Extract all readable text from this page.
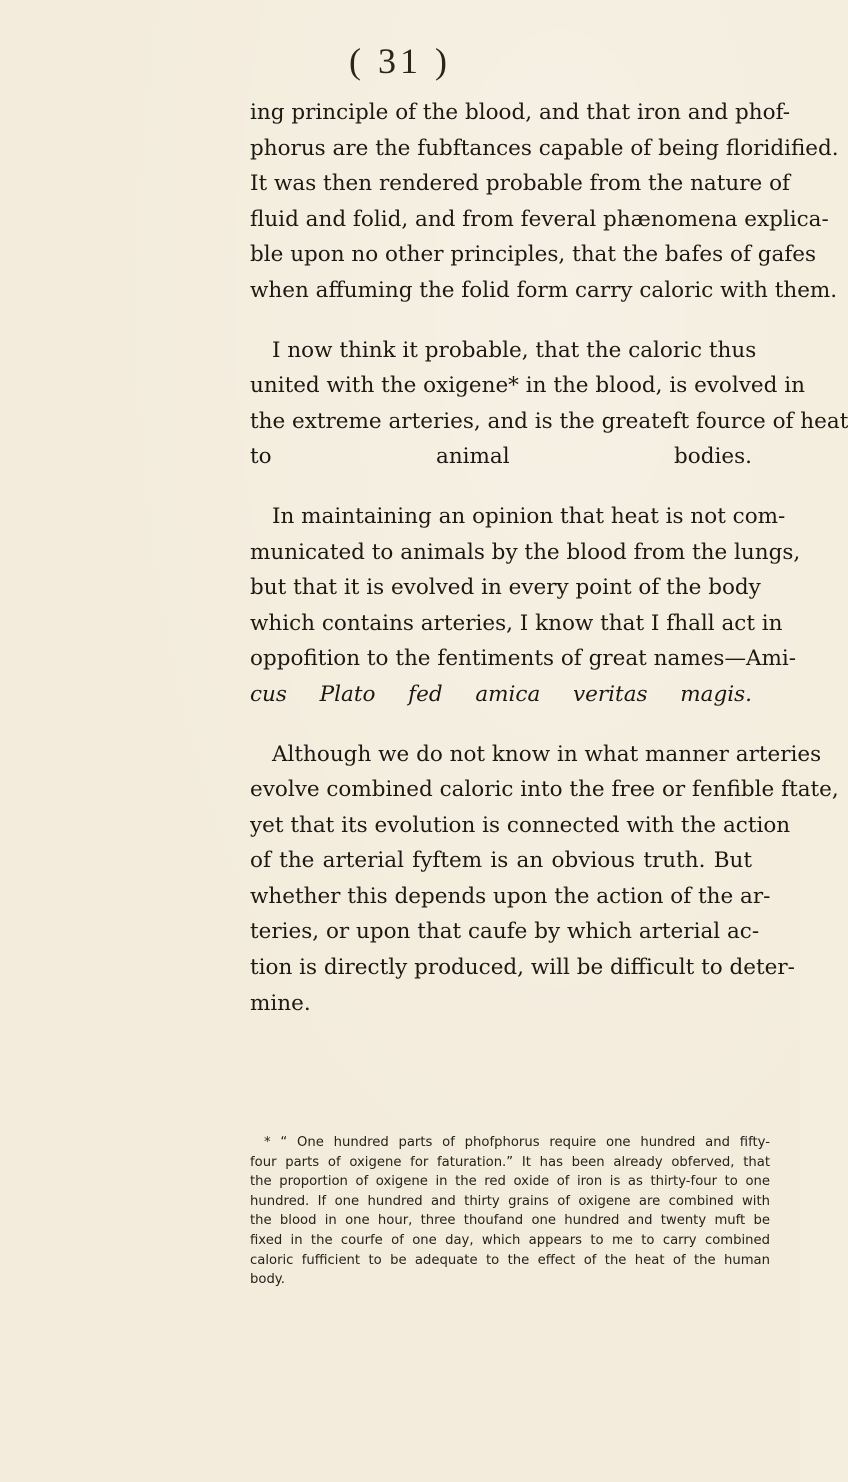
( 31 )
ing principle of the blood, and that iron and phof-
phorus are the fubftances capable of being floridified.
It was then rendered probable from the nature of
fluid and folid, and from feveral phænomena explica-
ble upon no other principles, that the bafes of gafes
when affuming the folid form carry caloric with them.
I now think it probable, that the caloric thus
united with the oxigene* in the blood, is evolved in
the extreme arteries, and is the greateft fource of heat
to animal bodies.
In maintaining an opinion that heat is not com-
municated to animals by the blood from the lungs,
but that it is evolved in every point of the body
which contains arteries, I know that I fhall act in
oppofition to the fentiments of great names—Ami-
cus Plato fed amica veritas magis.
Although we do not know in what manner arteries
evolve combined caloric into the free or fenfible ftate,
yet that its evolution is connected with the action
of the arterial fyftem is an obvious truth. But
whether this depends upon the action of the ar-
teries, or upon that caufe by which arterial ac-
tion is directly produced, will be difficult to deter-
mine.
* “ One hundred parts of phofphorus require one hundred and fifty-
four parts of oxigene for faturation.” It has been already obferved, that
the proportion of oxigene in the red oxide of iron is as thirty-four to one
hundred. If one hundred and thirty grains of oxigene are combined with
the blood in one hour, three thoufand one hundred and twenty muft be
fixed in the courfe of one day, which appears to me to carry combined
caloric fufficient to be adequate to the effect of the heat of the human
body.
